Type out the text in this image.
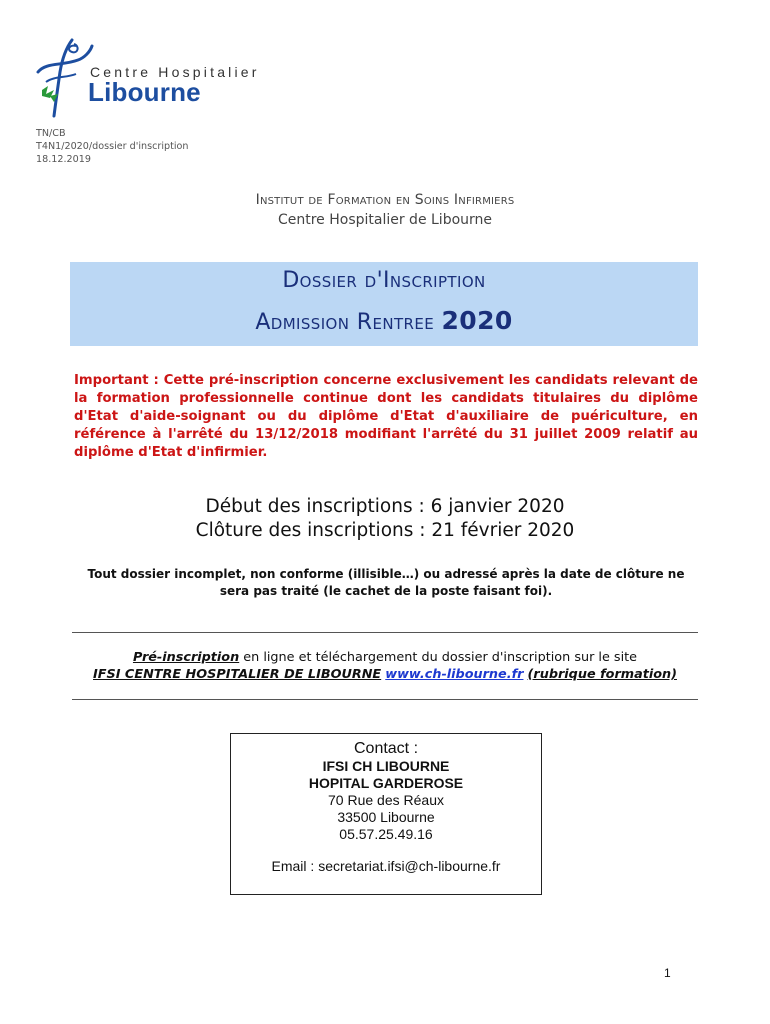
Centre Hospitalier
Libourne
TN/CB
T4N1/2020/dossier d'inscription
18.12.2019
Institut de Formation en Soins Infirmiers
Centre Hospitalier de Libourne
Dossier d'Inscription
Admission Rentree 2020
Important : Cette pré-inscription concerne exclusivement les candidats relevant de la formation professionnelle continue dont les candidats titulaires du diplôme d'Etat d'aide-soignant ou du diplôme d'Etat d'auxiliaire de puériculture, en référence à l'arrêté du 13/12/2018 modifiant l'arrêté du 31 juillet 2009 relatif au diplôme d'Etat d'infirmier.
Début des inscriptions : 6 janvier 2020
Clôture des inscriptions : 21 février 2020
Tout dossier incomplet, non conforme (illisible…) ou adressé après la date de clôture ne sera pas traité (le cachet de la poste faisant foi).
Pré-inscription en ligne et téléchargement du dossier d'inscription sur le site
IFSI CENTRE HOSPITALIER DE LIBOURNE www.ch-libourne.fr (rubrique formation)
Contact :
IFSI CH LIBOURNE
HOPITAL GARDEROSE
70 Rue des Réaux
33500 Libourne
05.57.25.49.16
Email : secretariat.ifsi@ch-libourne.fr
1
